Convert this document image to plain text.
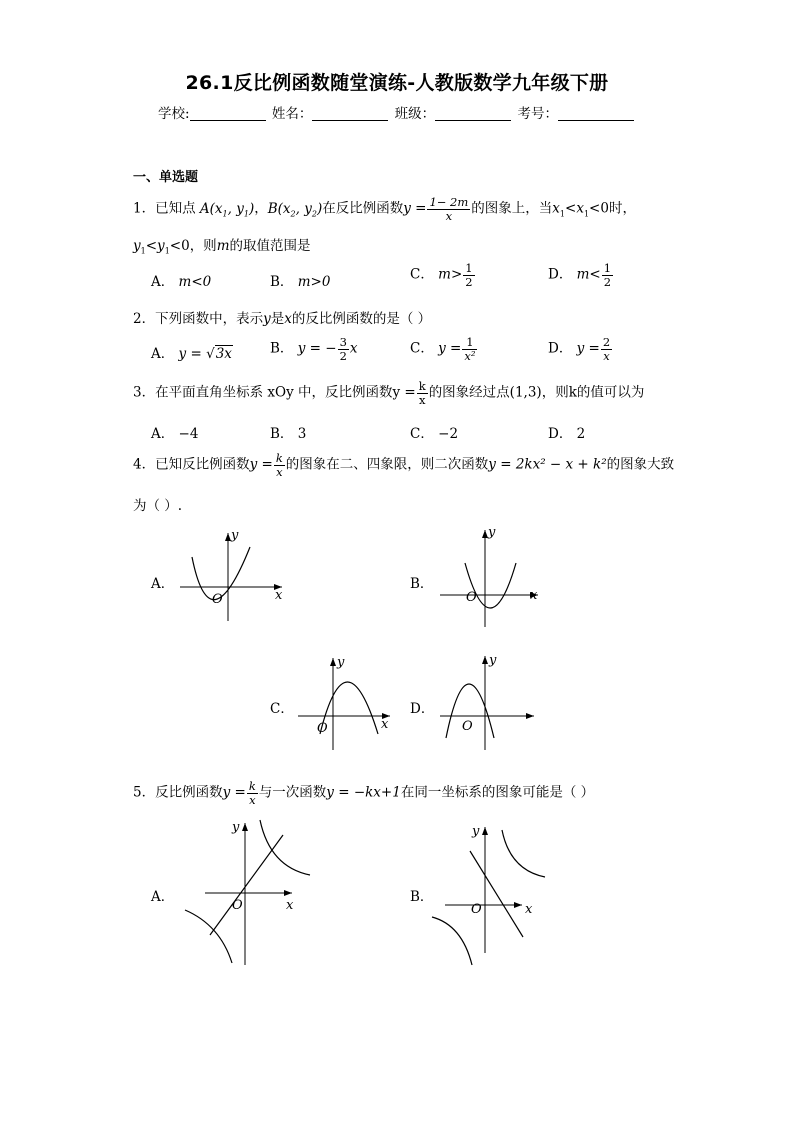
26.1反比例函数随堂演练-人教版数学九年级下册
学校:	姓名：	班级：	考号：
一、单选题
1．已知点 $A(x_1$, $y_1$)，$B(x_2$, $y_2$)在反比例函数$y = \frac{1- 2m}{x}$ 的图象上，当$x_1<x_1<0$时，
$y_1<y_1<0$，则m的取值范围是
A． m<0	B． m>0	C． $m> \frac{1}{2}$	D． $m< \frac{1}{2}$
2．下列函数中，表示y是x的反比例函数的是（ ）
A． y = √3x	B． y = − $\frac{3}{2}$ x	C． $y = \frac{1}{\text{x²}}$	D． $y = \frac{2}{x}$
3．在平面直角坐标系 xOy 中，反比例函数$y = \frac{k}{x}$ 的图象经过点(1,3)，则k的值可以为
A． −4	B． 3	C． −2	D． 2
4．已知反比例函数$y = \frac{k}{x}$ 的图象在二、四象限，则二次函数y = 2kx² − x + k²的图象大致
为（ ）.
A．	B．
C．	D．
y
x
O
y
x
O
y
x
O
y
O
5．反比例函数$y = \frac{k}{x}$ 与一次函数y = −kx+1在同一坐标系的图象可能是（ ）
A．	B．
y
x
O
y
x
O
